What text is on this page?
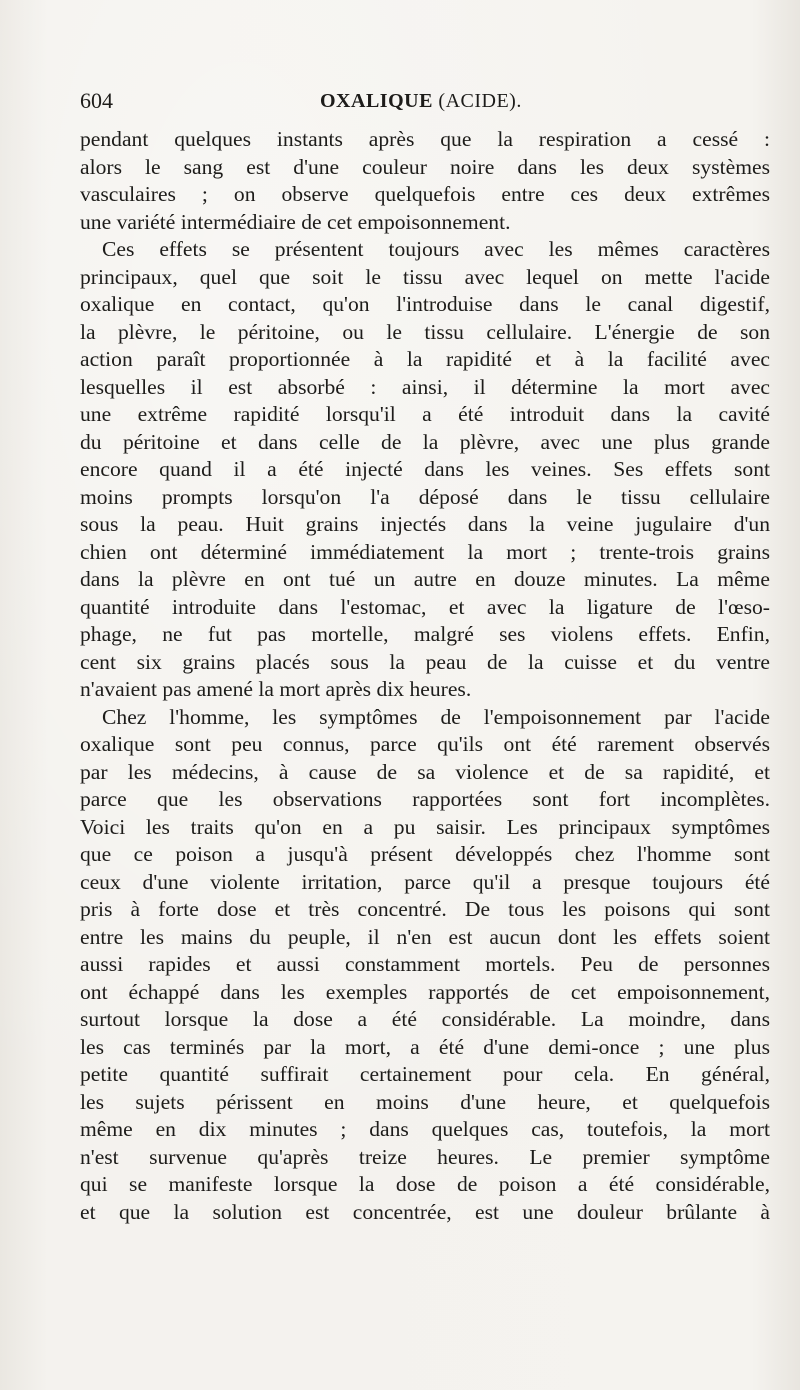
604	OXALIQUE (ACIDE).
pendant quelques instants après que la respiration a cessé :
alors le sang est d'une couleur noire dans les deux systèmes
vasculaires ; on observe quelquefois entre ces deux extrêmes
une variété intermédiaire de cet empoisonnement.
Ces effets se présentent toujours avec les mêmes caractères
principaux, quel que soit le tissu avec lequel on mette l'acide
oxalique en contact, qu'on l'introduise dans le canal digestif,
la plèvre, le péritoine, ou le tissu cellulaire. L'énergie de son
action paraît proportionnée à la rapidité et à la facilité avec
lesquelles il est absorbé : ainsi, il détermine la mort avec
une extrême rapidité lorsqu'il a été introduit dans la cavité
du péritoine et dans celle de la plèvre, avec une plus grande
encore quand il a été injecté dans les veines. Ses effets sont
moins prompts lorsqu'on l'a déposé dans le tissu cellulaire
sous la peau. Huit grains injectés dans la veine jugulaire d'un
chien ont déterminé immédiatement la mort ; trente-trois grains
dans la plèvre en ont tué un autre en douze minutes. La même
quantité introduite dans l'estomac, et avec la ligature de l'œso-
phage, ne fut pas mortelle, malgré ses violens effets. Enfin,
cent six grains placés sous la peau de la cuisse et du ventre
n'avaient pas amené la mort après dix heures.
Chez l'homme, les symptômes de l'empoisonnement par l'acide
oxalique sont peu connus, parce qu'ils ont été rarement observés
par les médecins, à cause de sa violence et de sa rapidité, et
parce que les observations rapportées sont fort incomplètes.
Voici les traits qu'on en a pu saisir. Les principaux symptômes
que ce poison a jusqu'à présent développés chez l'homme sont
ceux d'une violente irritation, parce qu'il a presque toujours été
pris à forte dose et très concentré. De tous les poisons qui sont
entre les mains du peuple, il n'en est aucun dont les effets soient
aussi rapides et aussi constamment mortels. Peu de personnes
ont échappé dans les exemples rapportés de cet empoisonnement,
surtout lorsque la dose a été considérable. La moindre, dans
les cas terminés par la mort, a été d'une demi-once ; une plus
petite quantité suffirait certainement pour cela. En général,
les sujets périssent en moins d'une heure, et quelquefois
même en dix minutes ; dans quelques cas, toutefois, la mort
n'est survenue qu'après treize heures. Le premier symptôme
qui se manifeste lorsque la dose de poison a été considérable,
et que la solution est concentrée, est une douleur brûlante à
